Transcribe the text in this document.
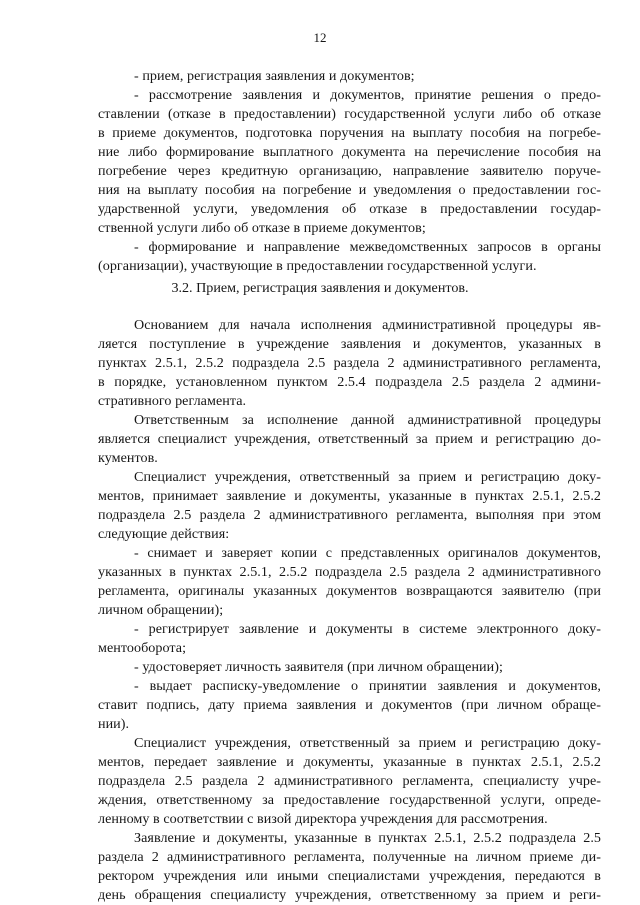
12
- прием, регистрация заявления и документов;
- рассмотрение заявления и документов, принятие решения о предо-
ставлении (отказе в предоставлении) государственной услуги либо об отказе
в приеме документов, подготовка поручения на выплату пособия на погребе-
ние либо формирование выплатного документа на перечисление пособия на
погребение через кредитную организацию, направление заявителю поруче-
ния на выплату пособия на погребение и уведомления о предоставлении гос-
ударственной услуги, уведомления об отказе в предоставлении государ-
ственной услуги либо об отказе в приеме документов;
- формирование и направление межведомственных запросов в органы
(организации), участвующие в предоставлении государственной услуги.
3.2. Прием, регистрация заявления и документов.
Основанием для начала исполнения административной процедуры яв-
ляется поступление в учреждение заявления и документов, указанных в
пунктах 2.5.1, 2.5.2 подраздела 2.5 раздела 2 административного регламента,
в порядке, установленном пунктом 2.5.4 подраздела 2.5 раздела 2 админи-
стративного регламента.
Ответственным за исполнение данной административной процедуры
является специалист учреждения, ответственный за прием и регистрацию до-
кументов.
Специалист учреждения, ответственный за прием и регистрацию доку-
ментов, принимает заявление и документы, указанные в пунктах 2.5.1, 2.5.2
подраздела 2.5 раздела 2 административного регламента, выполняя при этом
следующие действия:
- снимает и заверяет копии с представленных оригиналов документов,
указанных в пунктах 2.5.1, 2.5.2 подраздела 2.5 раздела 2 административного
регламента, оригиналы указанных документов возвращаются заявителю (при
личном обращении);
- регистрирует заявление и документы в системе электронного доку-
ментооборота;
- удостоверяет личность заявителя (при личном обращении);
- выдает расписку-уведомление о принятии заявления и документов,
ставит подпись, дату приема заявления и документов (при личном обраще-
нии).
Специалист учреждения, ответственный за прием и регистрацию доку-
ментов, передает заявление и документы, указанные в пунктах 2.5.1, 2.5.2
подраздела 2.5 раздела 2 административного регламента, специалисту учре-
ждения, ответственному за предоставление государственной услуги, опреде-
ленному в соответствии с визой директора учреждения для рассмотрения.
Заявление и документы, указанные в пунктах 2.5.1, 2.5.2 подраздела 2.5
раздела 2 административного регламента, полученные на личном приеме ди-
ректором учреждения или иными специалистами учреждения, передаются в
день обращения специалисту учреждения, ответственному за прием и реги-
